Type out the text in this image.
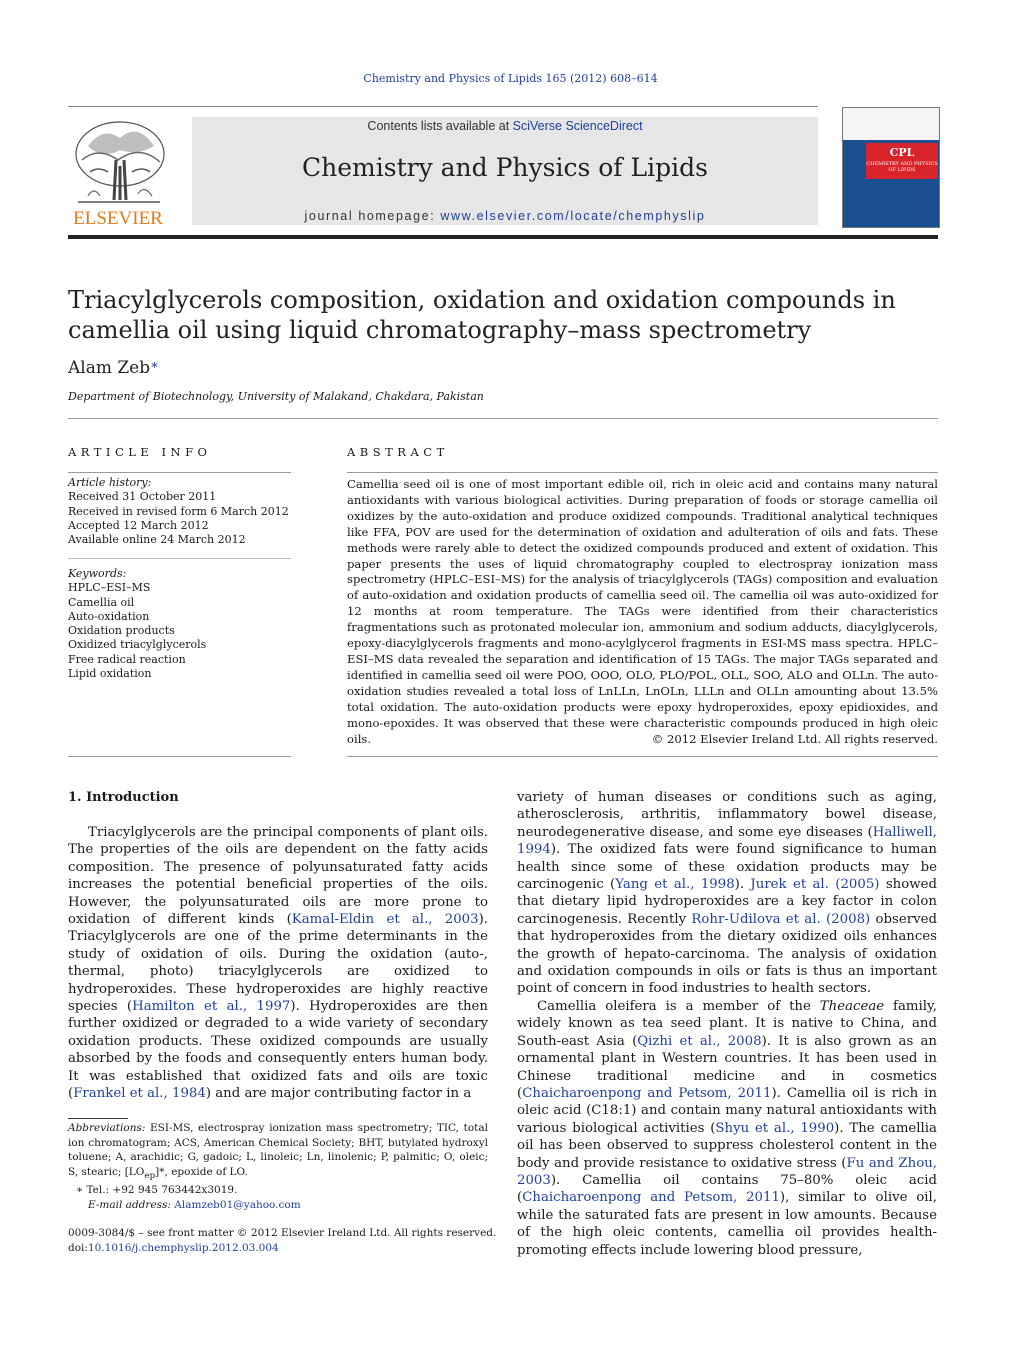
Chemistry and Physics of Lipids 165 (2012) 608–614
ELSEVIER
Contents lists available at SciVerse ScienceDirect
Chemistry and Physics of Lipids
journal homepage: www.elsevier.com/locate/chemphyslip
CPL
CHEMISTRY AND PHYSICS OF LIPIDS
Triacylglycerols composition, oxidation and oxidation compounds in camellia oil using liquid chromatography–mass spectrometry
Alam Zeb∗
Department of Biotechnology, University of Malakand, Chakdara, Pakistan
ARTICLE INFO	ABSTRACT
Article history:
Received 31 October 2011
Received in revised form 6 March 2012
Accepted 12 March 2012
Available online 24 March 2012
Keywords:
HPLC–ESI–MS
Camellia oil
Auto-oxidation
Oxidation products
Oxidized triacylglycerols
Free radical reaction
Lipid oxidation
Camellia seed oil is one of most important edible oil, rich in oleic acid and contains many natural antioxidants with various biological activities. During preparation of foods or storage camellia oil oxidizes by the auto-oxidation and produce oxidized compounds. Traditional analytical techniques like FFA, POV are used for the determination of oxidation and adulteration of oils and fats. These methods were rarely able to detect the oxidized compounds produced and extent of oxidation. This paper presents the uses of liquid chromatography coupled to electrospray ionization mass spectrometry (HPLC–ESI–MS) for the analysis of triacylglycerols (TAGs) composition and evaluation of auto-oxidation and oxidation products of camellia seed oil. The camellia oil was auto-oxidized for 12 months at room temperature. The TAGs were identified from their characteristics fragmentations such as protonated molecular ion, ammonium and sodium adducts, diacylglycerols, epoxy-diacylglycerols fragments and mono-acylglycerol fragments in ESI-MS mass spectra. HPLC–ESI–MS data revealed the separation and identification of 15 TAGs. The major TAGs separated and identified in camellia seed oil were POO, OOO, OLO, PLO/POL, OLL, SOO, ALO and OLLn. The auto-oxidation studies revealed a total loss of LnLLn, LnOLn, LLLn and OLLn amounting about 13.5% total oxidation. The auto-oxidation products were epoxy hydroperoxides, epoxy epidioxides, and mono-epoxides. It was observed that these were characteristic compounds produced in high oleic oils.	© 2012 Elsevier Ireland Ltd. All rights reserved.
1. Introduction

Triacylglycerols are the principal components of plant oils. The properties of the oils are dependent on the fatty acids composition. The presence of polyunsaturated fatty acids increases the potential beneficial properties of the oils. However, the polyunsaturated oils are more prone to oxidation of different kinds (Kamal-Eldin et al., 2003). Triacylglycerols are one of the prime determinants in the study of oxidation of oils. During the oxidation (auto-, thermal, photo) triacylglycerols are oxidized to hydroperoxides. These hydroperoxides are highly reactive species (Hamilton et al., 1997). Hydroperoxides are then further oxidized or degraded to a wide variety of secondary oxidation products. These oxidized compounds are usually absorbed by the foods and consequently enters human body. It was established that oxidized fats and oils are toxic (Frankel et al., 1984) and are major contributing factor in a

variety of human diseases or conditions such as aging, atherosclerosis, arthritis, inflammatory bowel disease, neurodegenerative disease, and some eye diseases (Halliwell, 1994). The oxidized fats were found significance to human health since some of these oxidation products may be carcinogenic (Yang et al., 1998). Jurek et al. (2005) showed that dietary lipid hydroperoxides are a key factor in colon carcinogenesis. Recently Rohr-Udilova et al. (2008) observed that hydroperoxides from the dietary oxidized oils enhances the growth of hepato-carcinoma. The analysis of oxidation and oxidation compounds in oils or fats is thus an important point of concern in food industries to health sectors.

Camellia oleifera is a member of the Theaceae family, widely known as tea seed plant. It is native to China, and South-east Asia (Qizhi et al., 2008). It is also grown as an ornamental plant in Western countries. It has been used in Chinese traditional medicine and in cosmetics (Chaicharoenpong and Petsom, 2011). Camellia oil is rich in oleic acid (C18:1) and contain many natural antioxidants with various biological activities (Shyu et al., 1990). The camellia oil has been observed to suppress cholesterol content in the body and provide resistance to oxidative stress (Fu and Zhou, 2003). Camellia oil contains 75–80% oleic acid (Chaicharoenpong and Petsom, 2011), similar to olive oil, while the saturated fats are present in low amounts. Because of the high oleic contents, camellia oil provides health-promoting effects include lowering blood pressure,

Abbreviations: ESI-MS, electrospray ionization mass spectrometry; TIC, total ion chromatogram; ACS, American Chemical Society; BHT, butylated hydroxyl toluene; A, arachidic; G, gadoic; L, linoleic; Ln, linolenic; P, palmitic; O, oleic; S, stearic; $[LO_{ep}]*$, epoxide of LO.
∗ Tel.: +92 945 763442x3019.
E-mail address: Alamzeb01@yahoo.com
0009-3084/$ – see front matter © 2012 Elsevier Ireland Ltd. All rights reserved.
doi:10.1016/j.chemphyslip.2012.03.004
